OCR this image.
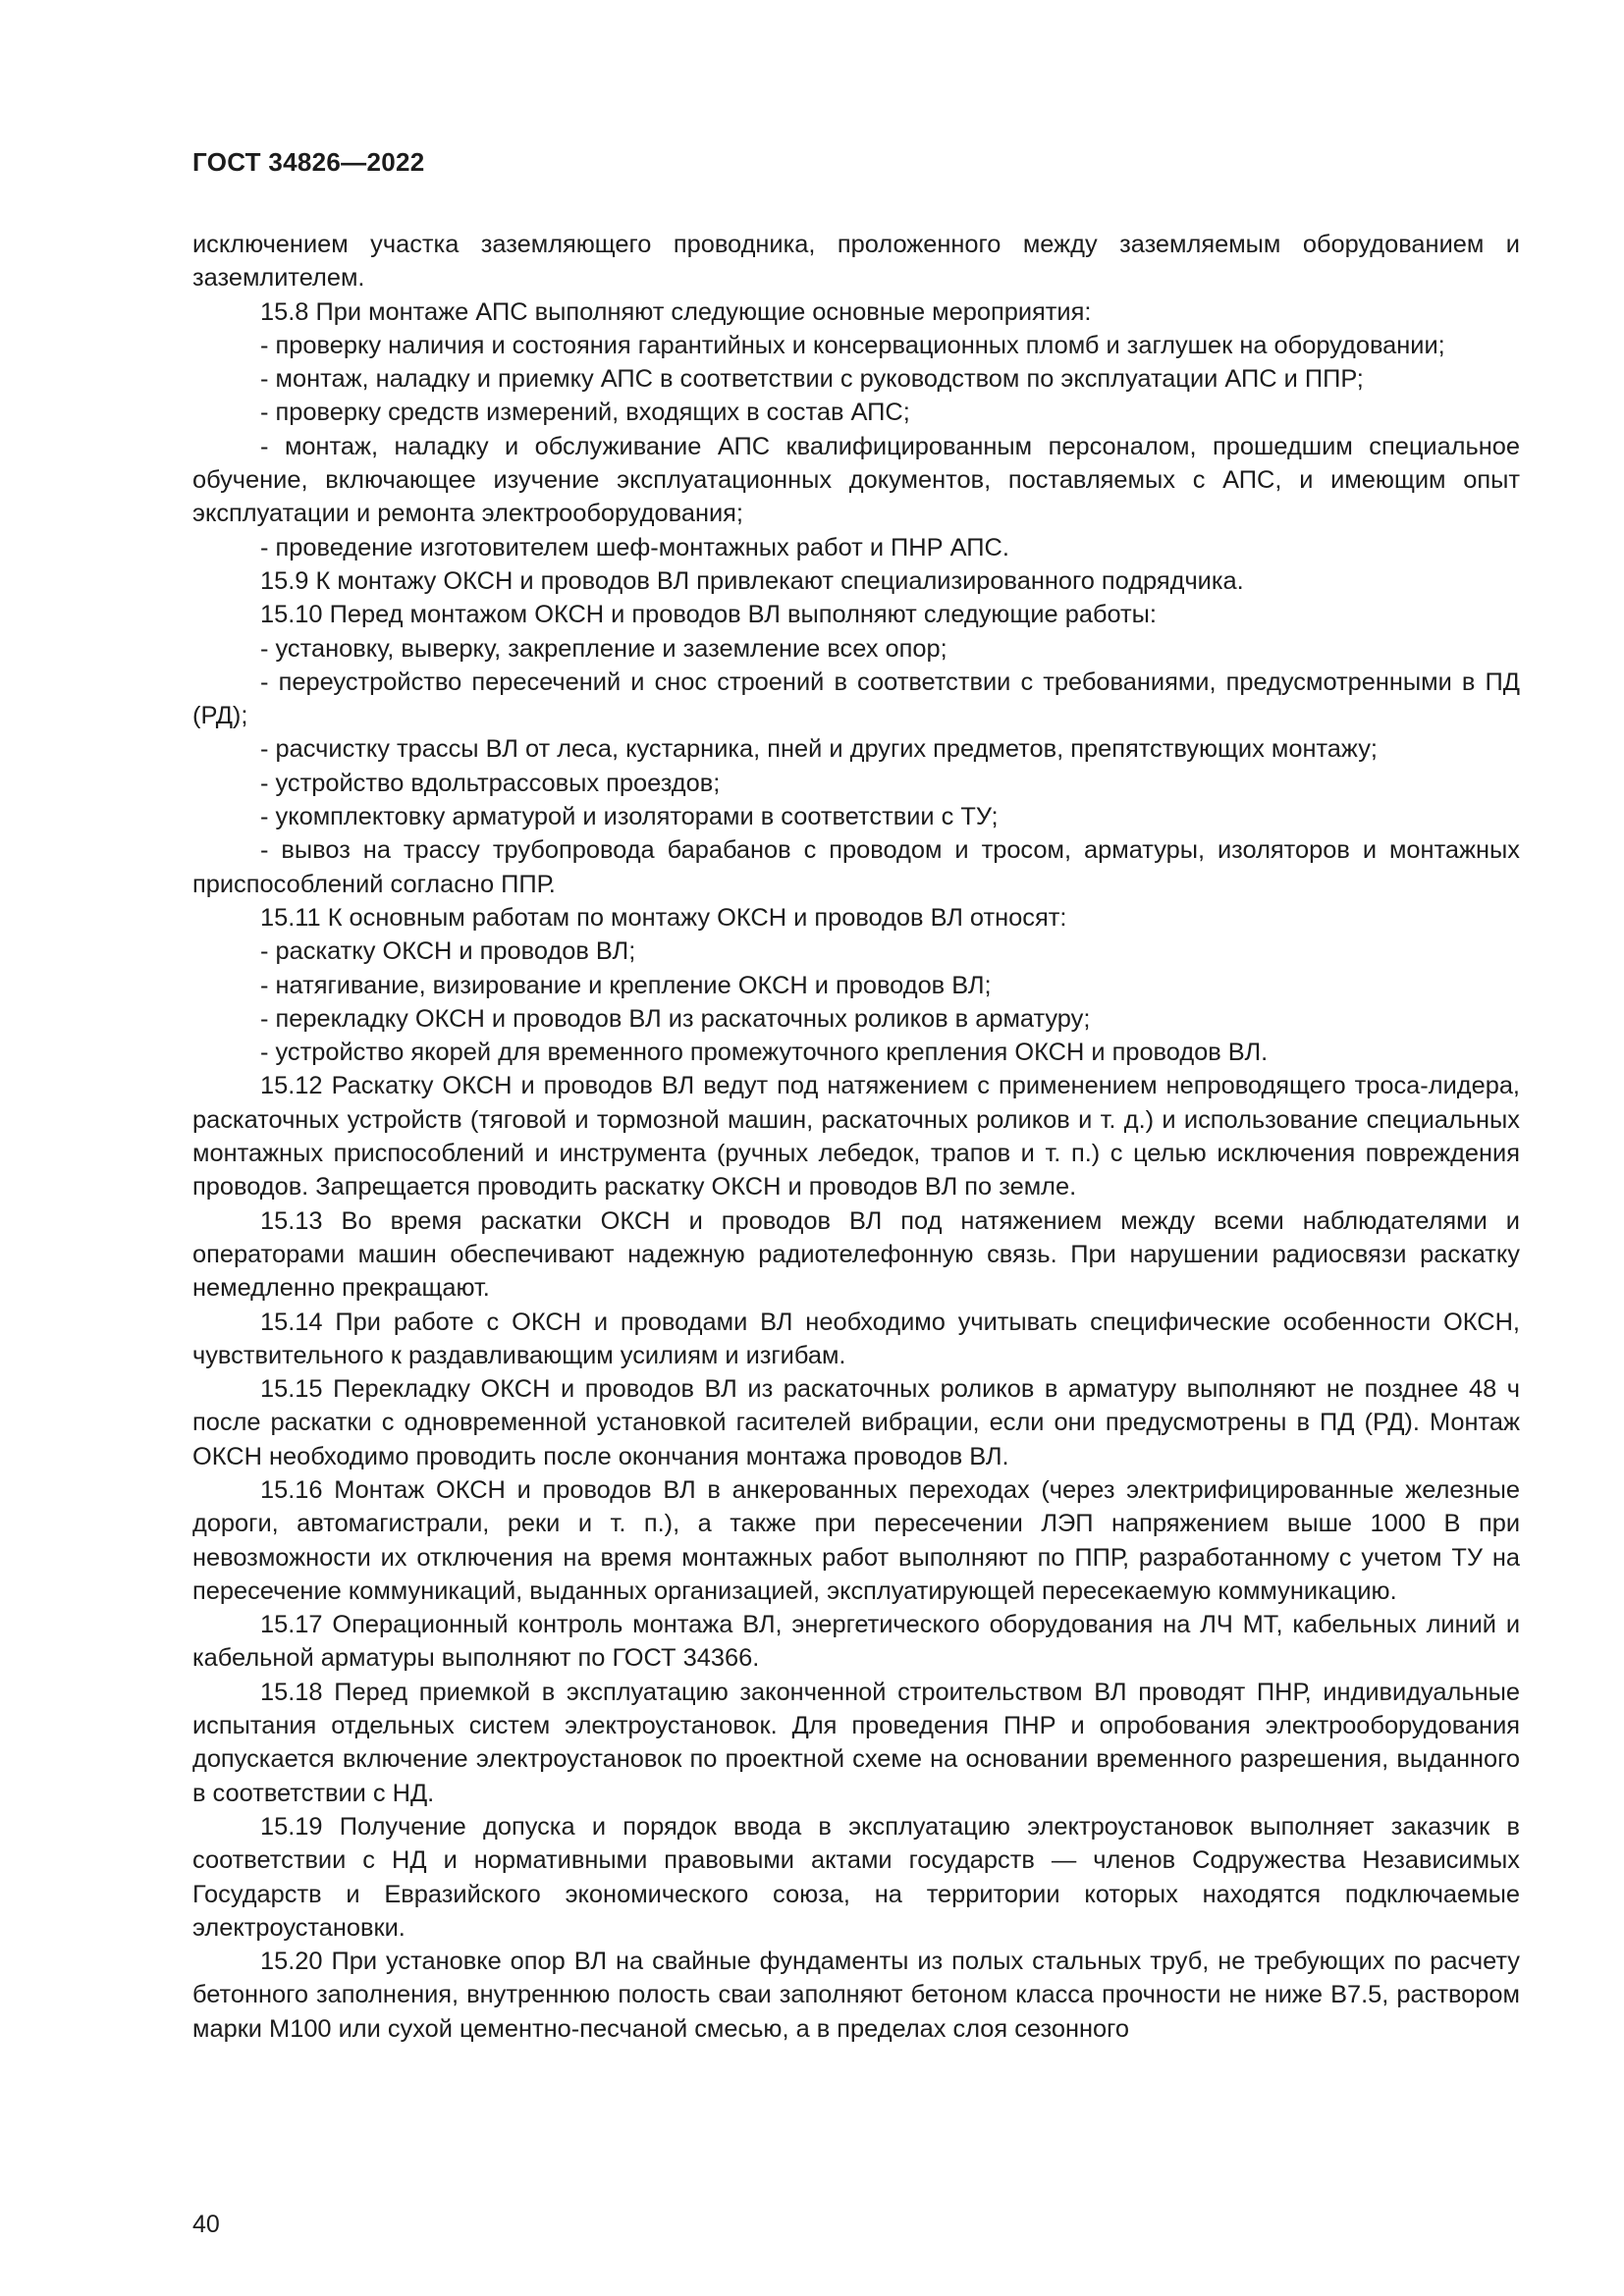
ГОСТ 34826—2022

исключением участка заземляющего проводника, проложенного между заземляемым оборудованием и заземлителем.

15.8 При монтаже АПС выполняют следующие основные мероприятия:

- проверку наличия и состояния гарантийных и консервационных пломб и заглушек на оборудовании;

- монтаж, наладку и приемку АПС в соответствии с руководством по эксплуатации АПС и ППР;

- проверку средств измерений, входящих в состав АПС;

- монтаж, наладку и обслуживание АПС квалифицированным персоналом, прошедшим специальное обучение, включающее изучение эксплуатационных документов, поставляемых с АПС, и имеющим опыт эксплуатации и ремонта электрооборудования;

- проведение изготовителем шеф-монтажных работ и ПНР АПС.

15.9 К монтажу ОКСН и проводов ВЛ привлекают специализированного подрядчика.

15.10 Перед монтажом ОКСН и проводов ВЛ выполняют следующие работы:

- установку, выверку, закрепление и заземление всех опор;

- переустройство пересечений и снос строений в соответствии с требованиями, предусмотренными в ПД (РД);

- расчистку трассы ВЛ от леса, кустарника, пней и других предметов, препятствующих монтажу;

- устройство вдольтрассовых проездов;

- укомплектовку арматурой и изоляторами в соответствии с ТУ;

- вывоз на трассу трубопровода барабанов с проводом и тросом, арматуры, изоляторов и монтажных приспособлений согласно ППР.

15.11 К основным работам по монтажу ОКСН и проводов ВЛ относят:

- раскатку ОКСН и проводов ВЛ;

- натягивание, визирование и крепление ОКСН и проводов ВЛ;

- перекладку ОКСН и проводов ВЛ из раскаточных роликов в арматуру;

- устройство якорей для временного промежуточного крепления ОКСН и проводов ВЛ.

15.12 Раскатку ОКСН и проводов ВЛ ведут под натяжением с применением непроводящего троса-лидера, раскаточных устройств (тяговой и тормозной машин, раскаточных роликов и т. д.) и использование специальных монтажных приспособлений и инструмента (ручных лебедок, трапов и т. п.) с целью исключения повреждения проводов. Запрещается проводить раскатку ОКСН и проводов ВЛ по земле.

15.13 Во время раскатки ОКСН и проводов ВЛ под натяжением между всеми наблюдателями и операторами машин обеспечивают надежную радиотелефонную связь. При нарушении радиосвязи раскатку немедленно прекращают.

15.14 При работе с ОКСН и проводами ВЛ необходимо учитывать специфические особенности ОКСН, чувствительного к раздавливающим усилиям и изгибам.

15.15 Перекладку ОКСН и проводов ВЛ из раскаточных роликов в арматуру выполняют не позднее 48 ч после раскатки с одновременной установкой гасителей вибрации, если они предусмотрены в ПД (РД). Монтаж ОКСН необходимо проводить после окончания монтажа проводов ВЛ.

15.16 Монтаж ОКСН и проводов ВЛ в анкерованных переходах (через электрифицированные железные дороги, автомагистрали, реки и т. п.), а также при пересечении ЛЭП напряжением выше 1000 В при невозможности их отключения на время монтажных работ выполняют по ППР, разработанному с учетом ТУ на пересечение коммуникаций, выданных организацией, эксплуатирующей пересекаемую коммуникацию.

15.17 Операционный контроль монтажа ВЛ, энергетического оборудования на ЛЧ МТ, кабельных линий и кабельной арматуры выполняют по ГОСТ 34366.

15.18 Перед приемкой в эксплуатацию законченной строительством ВЛ проводят ПНР, индивидуальные испытания отдельных систем электроустановок. Для проведения ПНР и опробования электрооборудования допускается включение электроустановок по проектной схеме на основании временного разрешения, выданного в соответствии с НД.

15.19 Получение допуска и порядок ввода в эксплуатацию электроустановок выполняет заказчик в соответствии с НД и нормативными правовыми актами государств — членов Содружества Независимых Государств и Евразийского экономического союза, на территории которых находятся подключаемые электроустановки.

15.20 При установке опор ВЛ на свайные фундаменты из полых стальных труб, не требующих по расчету бетонного заполнения, внутреннюю полость сваи заполняют бетоном класса прочности не ниже В7.5, раствором марки М100 или сухой цементно-песчаной смесью, а в пределах слоя сезонного

40
